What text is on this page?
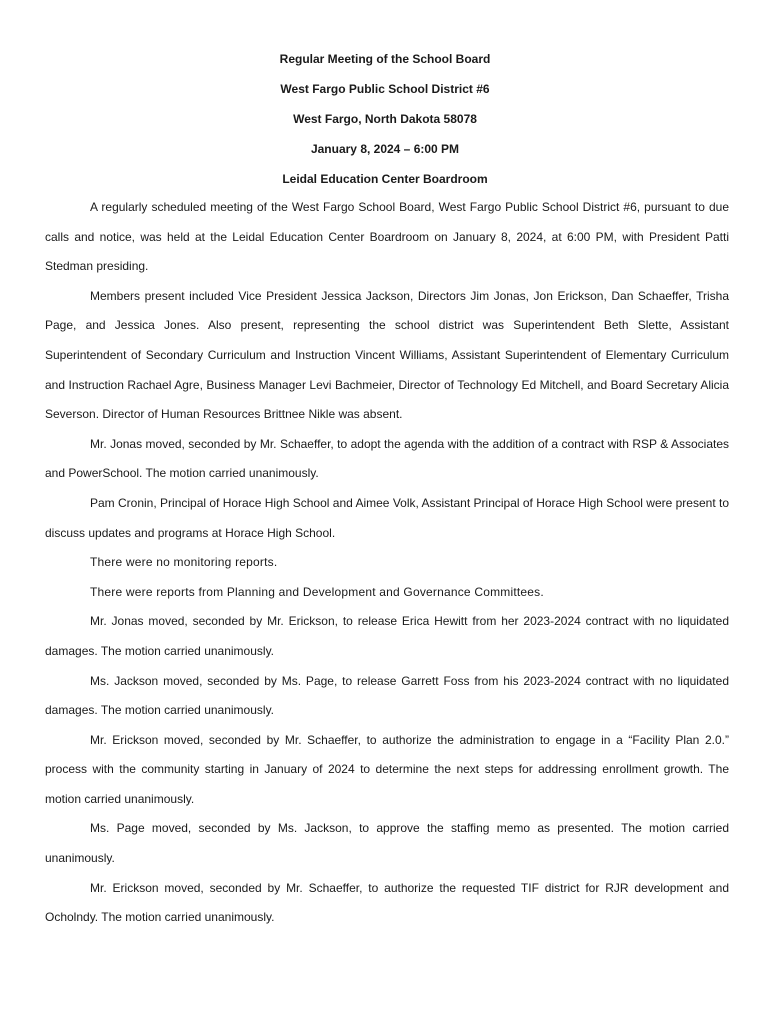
Regular Meeting of the School Board

West Fargo Public School District #6

West Fargo, North Dakota 58078

January 8, 2024 – 6:00 PM

Leidal Education Center Boardroom

A regularly scheduled meeting of the West Fargo School Board, West Fargo Public School District #6, pursuant to due calls and notice, was held at the Leidal Education Center Boardroom on January 8, 2024, at 6:00 PM, with President Patti Stedman presiding.

Members present included Vice President Jessica Jackson, Directors Jim Jonas, Jon Erickson, Dan Schaeffer, Trisha Page, and Jessica Jones. Also present, representing the school district was Superintendent Beth Slette, Assistant Superintendent of Secondary Curriculum and Instruction Vincent Williams, Assistant Superintendent of Elementary Curriculum and Instruction Rachael Agre, Business Manager Levi Bachmeier, Director of Technology Ed Mitchell, and Board Secretary Alicia Severson. Director of Human Resources Brittnee Nikle was absent.

Mr. Jonas moved, seconded by Mr. Schaeffer, to adopt the agenda with the addition of a contract with RSP & Associates and PowerSchool. The motion carried unanimously.

Pam Cronin, Principal of Horace High School and Aimee Volk, Assistant Principal of Horace High School were present to discuss updates and programs at Horace High School.

There were no monitoring reports.

There were reports from Planning and Development and Governance Committees.

Mr. Jonas moved, seconded by Mr. Erickson, to release Erica Hewitt from her 2023-2024 contract with no liquidated damages. The motion carried unanimously.

Ms. Jackson moved, seconded by Ms. Page, to release Garrett Foss from his 2023-2024 contract with no liquidated damages. The motion carried unanimously.

Mr. Erickson moved, seconded by Mr. Schaeffer, to authorize the administration to engage in a “Facility Plan 2.0.” process with the community starting in January of 2024 to determine the next steps for addressing enrollment growth. The motion carried unanimously.

Ms. Page moved, seconded by Ms. Jackson, to approve the staffing memo as presented. The motion carried unanimously.

Mr. Erickson moved, seconded by Mr. Schaeffer, to authorize the requested TIF district for RJR development and Ocholndy. The motion carried unanimously.
